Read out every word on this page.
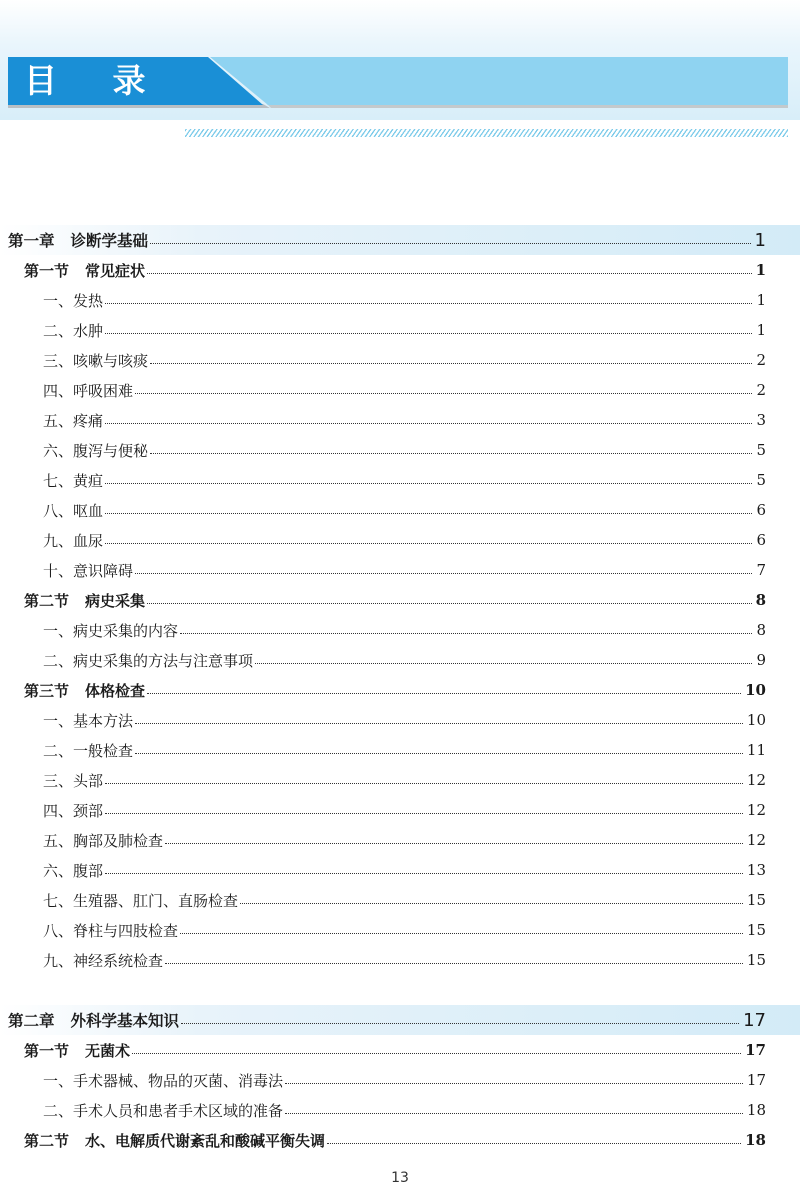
目 录
第一章 诊断学基础	1
第一节 常见症状	1
一、发热	1
二、水肿	1
三、咳嗽与咳痰	2
四、呼吸困难	2
五、疼痛	3
六、腹泻与便秘	5
七、黄疸	5
八、呕血	6
九、血尿	6
十、意识障碍	7
第二节 病史采集	8
一、病史采集的内容	8
二、病史采集的方法与注意事项	9
第三节 体格检查	10
一、基本方法	10
二、一般检查	11
三、头部	12
四、颈部	12
五、胸部及肺检查	12
六、腹部	13
七、生殖器、肛门、直肠检查	15
八、脊柱与四肢检查	15
九、神经系统检查	15
第二章 外科学基本知识	17
第一节 无菌术	17
一、手术器械、物品的灭菌、消毒法	17
二、手术人员和患者手术区域的准备	18
第二节 水、电解质代谢紊乱和酸碱平衡失调	18
13
